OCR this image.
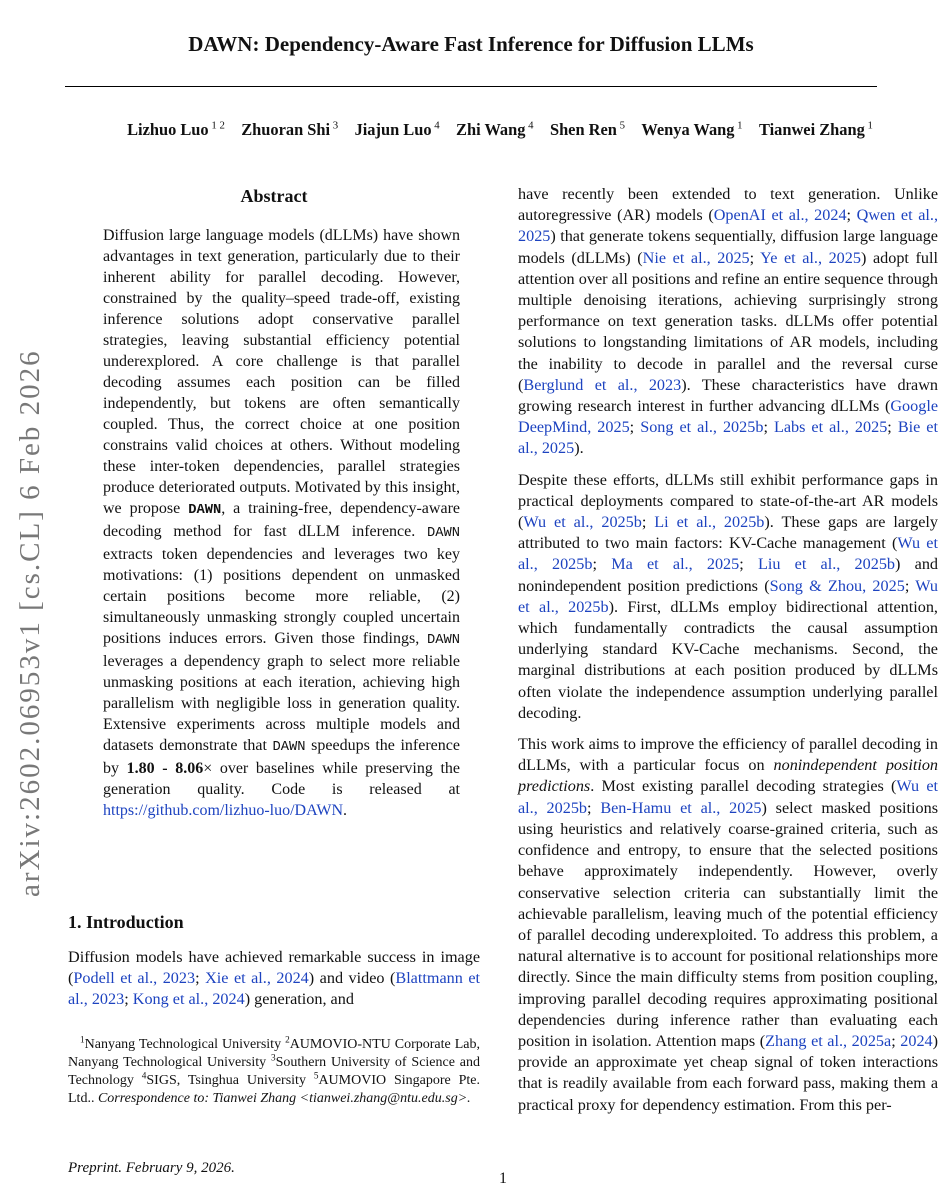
arXiv:2602.06953v1 [cs.CL] 6 Feb 2026
DAWN: Dependency-Aware Fast Inference for Diffusion LLMs
Lizhuo Luo $^{1 2}$ Zhuoran Shi $^3$ Jiajun Luo $^4$ Zhi Wang $^4$ Shen Ren $^5$ Wenya Wang $^1$ Tianwei Zhang $^1$
Abstract
Diffusion large language models (dLLMs) have shown advantages in text generation, particularly due to their inherent ability for parallel decoding. However, constrained by the quality–speed trade-off, existing inference solutions adopt conservative parallel strategies, leaving substantial efficiency potential underexplored. A core challenge is that parallel decoding assumes each position can be filled independently, but tokens are often semantically coupled. Thus, the correct choice at one position constrains valid choices at others. Without modeling these inter-token dependencies, parallel strategies produce deteriorated outputs. Motivated by this insight, we propose DAWN, a training-free, dependency-aware decoding method for fast dLLM inference. DAWN extracts token dependencies and leverages two key motivations: (1) positions dependent on unmasked certain positions become more reliable, (2) simultaneously unmasking strongly coupled uncertain positions induces errors. Given those findings, DAWN leverages a dependency graph to select more reliable unmasking positions at each iteration, achieving high parallelism with negligible loss in generation quality. Extensive experiments across multiple models and datasets demonstrate that DAWN speedups the inference by 1.80 - 8.06× over baselines while preserving the generation quality. Code is released at https://github.com/lizhuo-luo/DAWN.
1. Introduction

Diffusion models have achieved remarkable success in image (Podell et al., 2023; Xie et al., 2024) and video (Blattmann et al., 2023; Kong et al., 2024) generation, and

have recently been extended to text generation. Unlike autoregressive (AR) models (OpenAI et al., 2024; Qwen et al., 2025) that generate tokens sequentially, diffusion large language models (dLLMs) (Nie et al., 2025; Ye et al., 2025) adopt full attention over all positions and refine an entire sequence through multiple denoising iterations, achieving surprisingly strong performance on text generation tasks. dLLMs offer potential solutions to longstanding limitations of AR models, including the inability to decode in parallel and the reversal curse (Berglund et al., 2023). These characteristics have drawn growing research interest in further advancing dLLMs (Google DeepMind, 2025; Song et al., 2025b; Labs et al., 2025; Bie et al., 2025).

Despite these efforts, dLLMs still exhibit performance gaps in practical deployments compared to state-of-the-art AR models (Wu et al., 2025b; Li et al., 2025b). These gaps are largely attributed to two main factors: KV-Cache management (Wu et al., 2025b; Ma et al., 2025; Liu et al., 2025b) and nonindependent position predictions (Song & Zhou, 2025; Wu et al., 2025b). First, dLLMs employ bidirectional attention, which fundamentally contradicts the causal assumption underlying standard KV-Cache mechanisms. Second, the marginal distributions at each position produced by dLLMs often violate the independence assumption underlying parallel decoding.

This work aims to improve the efficiency of parallel decoding in dLLMs, with a particular focus on nonindependent position predictions. Most existing parallel decoding strategies (Wu et al., 2025b; Ben-Hamu et al., 2025) select masked positions using heuristics and relatively coarse-grained criteria, such as confidence and entropy, to ensure that the selected positions behave approximately independently. However, overly conservative selection criteria can substantially limit the achievable parallelism, leaving much of the potential efficiency of parallel decoding underexploited. To address this problem, a natural alternative is to account for positional relationships more directly. Since the main difficulty stems from position coupling, improving parallel decoding requires approximating positional dependencies during inference rather than evaluating each position in isolation. Attention maps (Zhang et al., 2025a; 2024) provide an approximate yet cheap signal of token interactions that is readily available from each forward pass, making them a practical proxy for dependency estimation. From this per-

$^1$Nanyang Technological University $^2$AUMOVIO-NTU Corporate Lab, Nanyang Technological University $^3$Southern University of Science and Technology $^4$SIGS, Tsinghua University $^5$AUMOVIO Singapore Pte. Ltd.. Correspondence to: Tianwei Zhang <tianwei.zhang@ntu.edu.sg>.
Preprint. February 9, 2026.
1
